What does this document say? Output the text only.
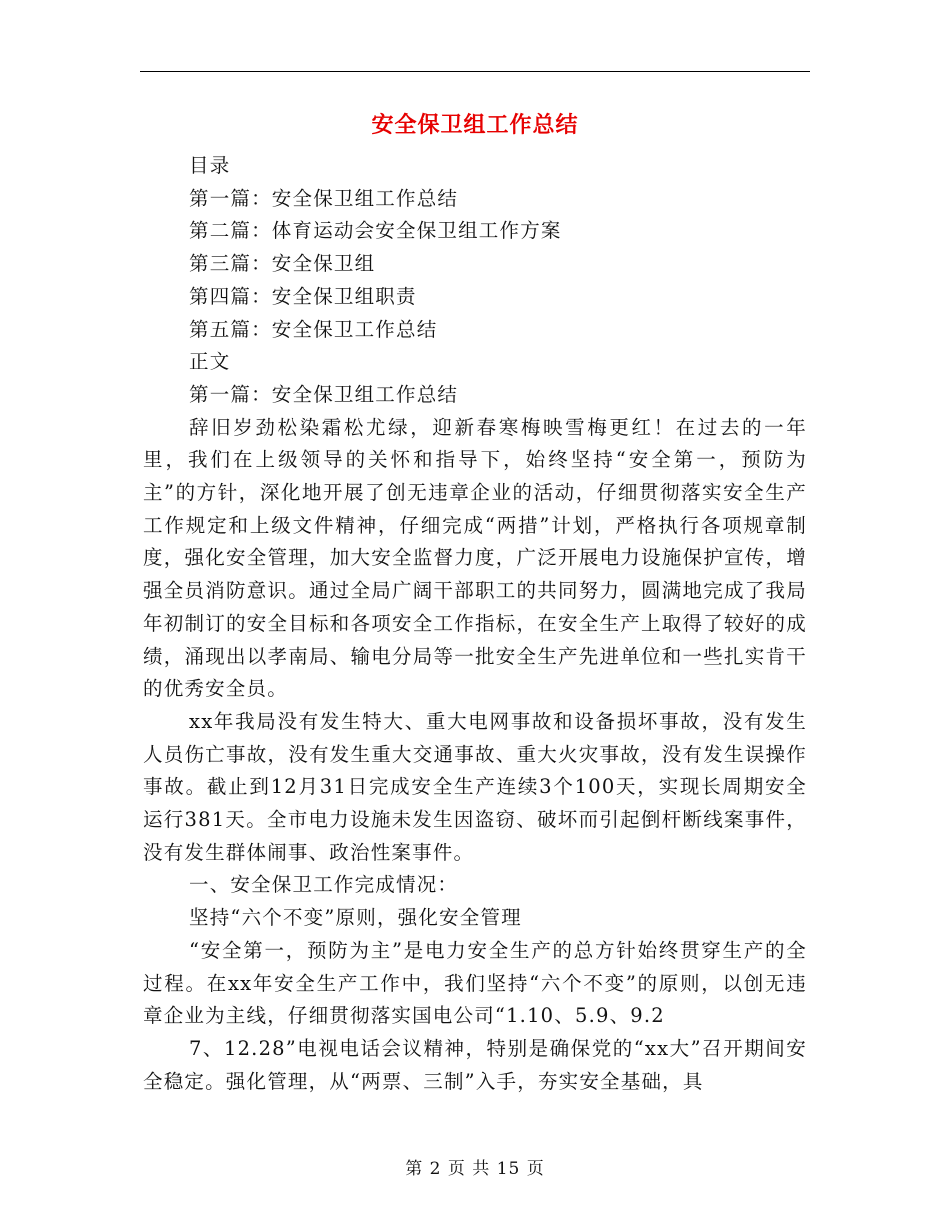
安全保卫组工作总结
目录
第一篇：安全保卫组工作总结
第二篇：体育运动会安全保卫组工作方案
第三篇：安全保卫组
第四篇：安全保卫组职责
第五篇：安全保卫工作总结
正文
第一篇：安全保卫组工作总结

辞旧岁劲松染霜松尤绿，迎新春寒梅映雪梅更红！在过去的一年里，我们在上级领导的关怀和指导下，始终坚持“安全第一，预防为主”的方针，深化地开展了创无违章企业的活动，仔细贯彻落实安全生产工作规定和上级文件精神，仔细完成“两措”计划，严格执行各项规章制度，强化安全管理，加大安全监督力度，广泛开展电力设施保护宣传，增强全员消防意识。通过全局广阔干部职工的共同努力，圆满地完成了我局年初制订的安全目标和各项安全工作指标，在安全生产上取得了较好的成绩，涌现出以孝南局、输电分局等一批安全生产先进单位和一些扎实肯干的优秀安全员。

xx年我局没有发生特大、重大电网事故和设备损坏事故，没有发生人员伤亡事故，没有发生重大交通事故、重大火灾事故，没有发生误操作事故。截止到12月31日完成安全生产连续3个100天，实现长周期安全运行381天。全市电力设施未发生因盗窃、破坏而引起倒杆断线案事件，没有发生群体闹事、政治性案事件。

一、安全保卫工作完成情况：

坚持“六个不变”原则，强化安全管理

“安全第一，预防为主”是电力安全生产的总方针始终贯穿生产的全过程。在xx年安全生产工作中，我们坚持“六个不变”的原则，以创无违章企业为主线，仔细贯彻落实国电公司“1.10、5.9、9.2

7、12.28”电视电话会议精神，特别是确保党的“xx大”召开期间安全稳定。强化管理，从“两票、三制”入手，夯实安全基础，具

第 2 页 共 15 页
